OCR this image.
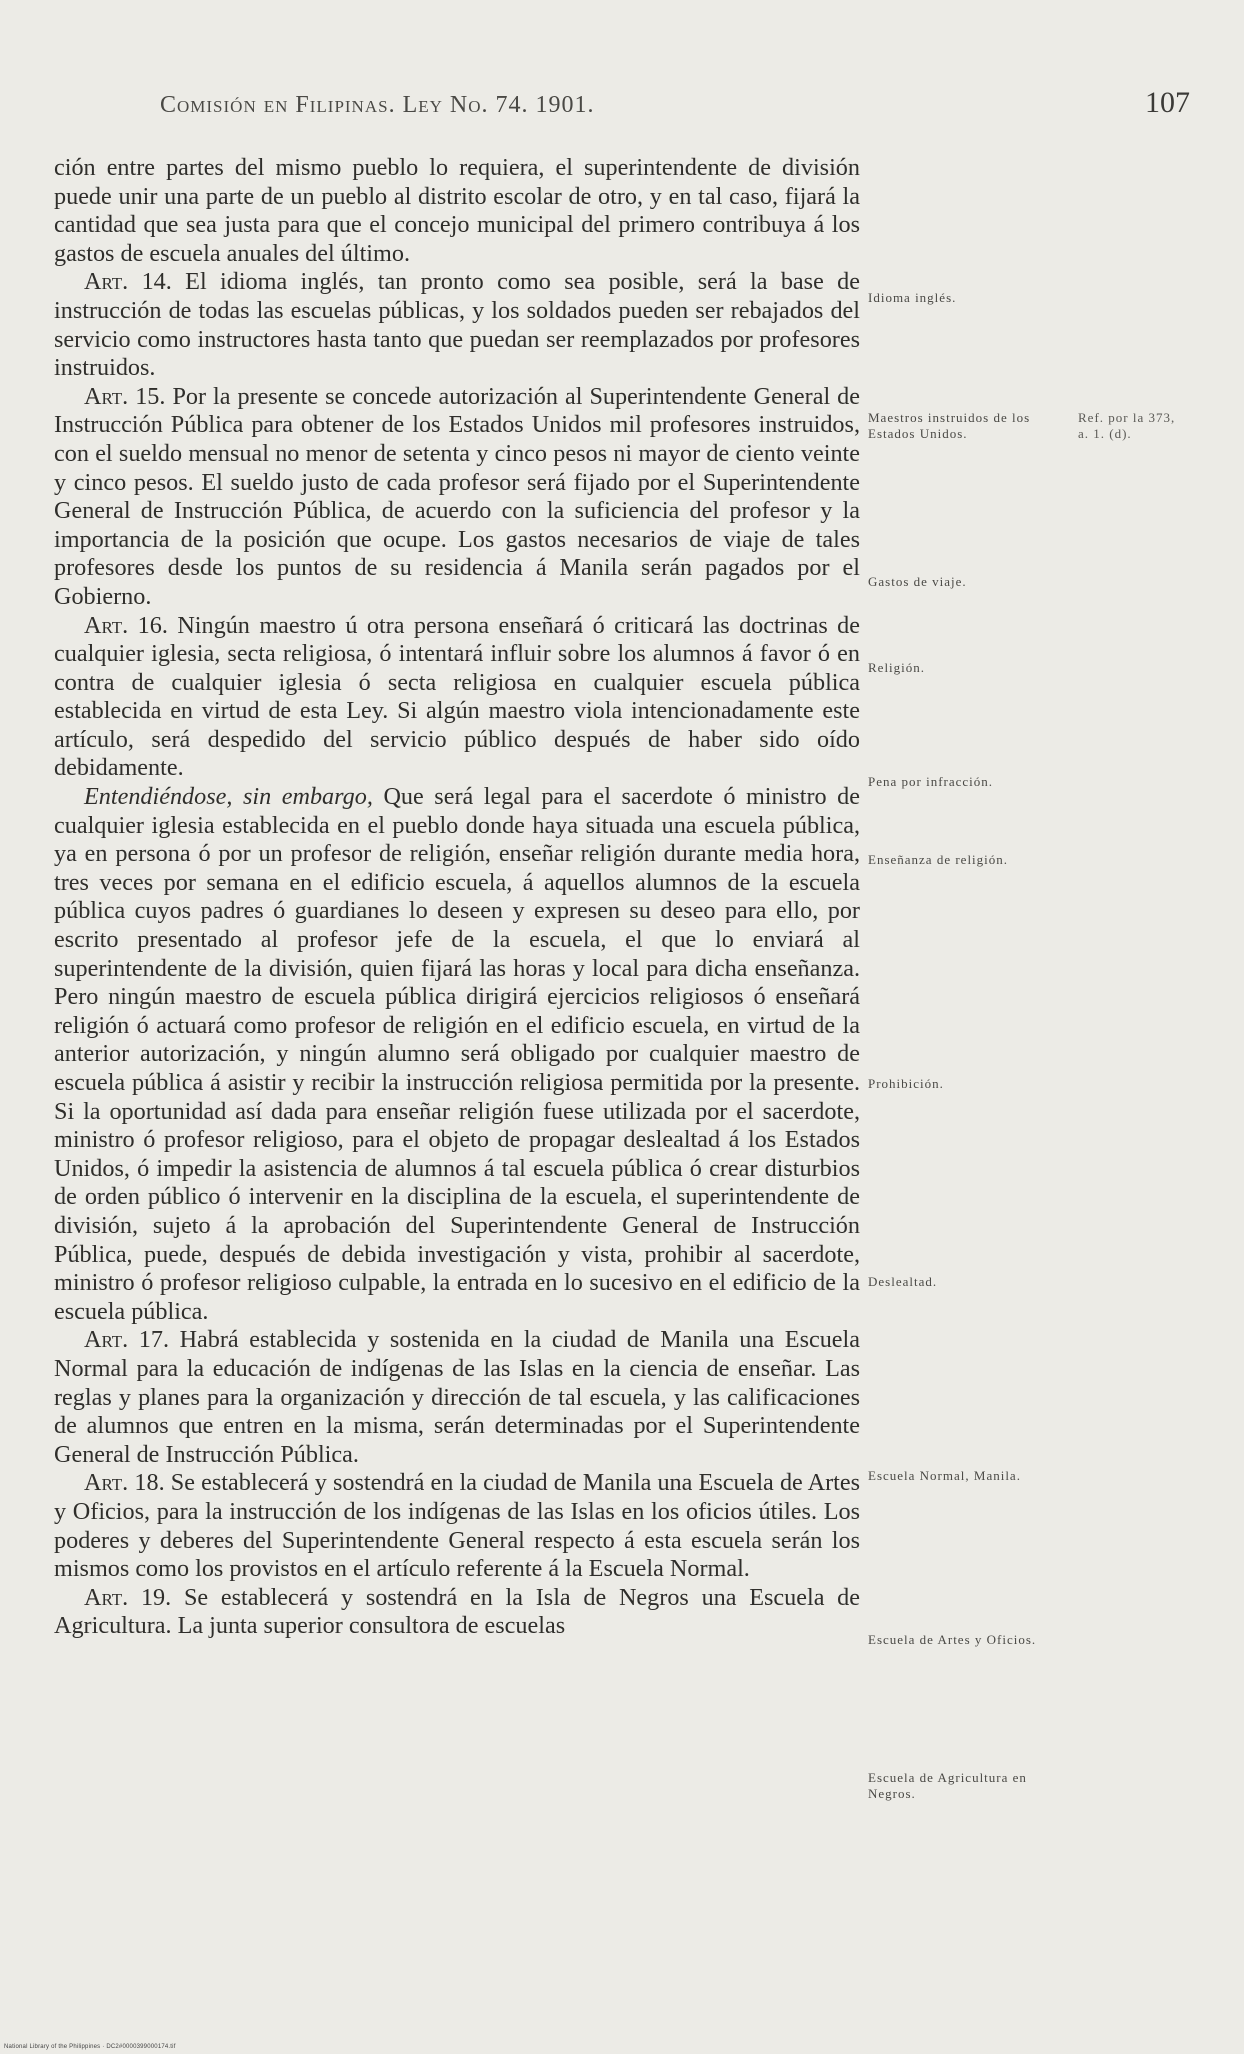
Comisión en Filipinas. Ley No. 74. 1901.	107

ción entre partes del mismo pueblo lo requiera, el superintendente de división puede unir una parte de un pueblo al distrito escolar de otro, y en tal caso, fijará la cantidad que sea justa para que el concejo municipal del primero contribuya á los gastos de escuela anuales del último.

Art. 14. El idioma inglés, tan pronto como sea posible, será la base de instrucción de todas las escuelas públicas, y los soldados pueden ser rebajados del servicio como instructores hasta tanto que puedan ser reemplazados por profesores instruidos.

Art. 15. Por la presente se concede autorización al Superintendente General de Instrucción Pública para obtener de los Estados Unidos mil profesores instruidos, con el sueldo mensual no menor de setenta y cinco pesos ni mayor de ciento veinte y cinco pesos. El sueldo justo de cada profesor será fijado por el Superintendente General de Instrucción Pública, de acuerdo con la suficiencia del profesor y la importancia de la posición que ocupe. Los gastos necesarios de viaje de tales profesores desde los puntos de su residencia á Manila serán pagados por el Gobierno.

Art. 16. Ningún maestro ú otra persona enseñará ó criticará las doctrinas de cualquier iglesia, secta religiosa, ó intentará influir sobre los alumnos á favor ó en contra de cualquier iglesia ó secta religiosa en cualquier escuela pública establecida en virtud de esta Ley. Si algún maestro viola intencionadamente este artículo, será despedido del servicio público después de haber sido oído debidamente.

Entendiéndose, sin embargo, Que será legal para el sacerdote ó ministro de cualquier iglesia establecida en el pueblo donde haya situada una escuela pública, ya en persona ó por un profesor de religión, enseñar religión durante media hora, tres veces por semana en el edificio escuela, á aquellos alumnos de la escuela pública cuyos padres ó guardianes lo deseen y expresen su deseo para ello, por escrito presentado al profesor jefe de la escuela, el que lo enviará al superintendente de la división, quien fijará las horas y local para dicha enseñanza. Pero ningún maestro de escuela pública dirigirá ejercicios religiosos ó enseñará religión ó actuará como profesor de religión en el edificio escuela, en virtud de la anterior autorización, y ningún alumno será obligado por cualquier maestro de escuela pública á asistir y recibir la instrucción religiosa permitida por la presente. Si la oportunidad así dada para enseñar religión fuese utilizada por el sacerdote, ministro ó profesor religioso, para el objeto de propagar deslealtad á los Estados Unidos, ó impedir la asistencia de alumnos á tal escuela pública ó crear disturbios de orden público ó intervenir en la disciplina de la escuela, el superintendente de división, sujeto á la aprobación del Superintendente General de Instrucción Pública, puede, después de debida investigación y vista, prohibir al sacerdote, ministro ó profesor religioso culpable, la entrada en lo sucesivo en el edificio de la escuela pública.

Art. 17. Habrá establecida y sostenida en la ciudad de Manila una Escuela Normal para la educación de indígenas de las Islas en la ciencia de enseñar. Las reglas y planes para la organización y dirección de tal escuela, y las calificaciones de alumnos que entren en la misma, serán determinadas por el Superintendente General de Instrucción Pública.

Art. 18. Se establecerá y sostendrá en la ciudad de Manila una Escuela de Artes y Oficios, para la instrucción de los indígenas de las Islas en los oficios útiles. Los poderes y deberes del Superintendente General respecto á esta escuela serán los mismos como los provistos en el artículo referente á la Escuela Normal.

Art. 19. Se establecerá y sostendrá en la Isla de Negros una Escuela de Agricultura. La junta superior consultora de escuelas

Idioma inglés.
Maestros instruidos de los Estados Unidos.
Ref. por la 373, a. 1. (d).
Gastos de viaje.
Religión.
Pena por infracción.
Enseñanza de religión.
Prohibición.
Deslealtad.
Escuela Normal, Manila.
Escuela de Artes y Oficios.
Escuela de Agricultura en Negros.
National Library of the Philippines · DC2#0000399000174.tif
